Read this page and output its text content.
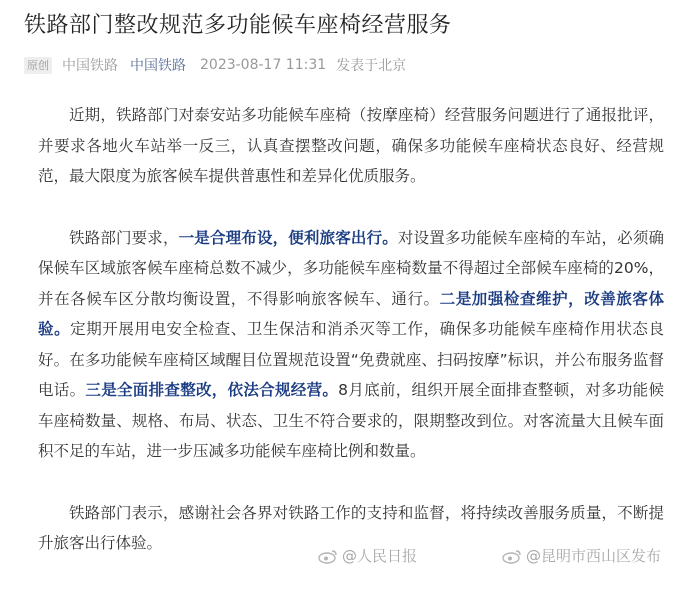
铁路部门整改规范多功能候车座椅经营服务
原创 中国铁路 中国铁路 2023-08-17 11:31 发表于北京

近期，铁路部门对泰安站多功能候车座椅（按摩座椅）经营服务问题进行了通报批评，并要求各地火车站举一反三，认真查摆整改问题，确保多功能候车座椅状态良好、经营规范，最大限度为旅客候车提供普惠性和差异化优质服务。

铁路部门要求，一是合理布设，便利旅客出行。对设置多功能候车座椅的车站，必须确保候车区域旅客候车座椅总数不减少，多功能候车座椅数量不得超过全部候车座椅的20%，并在各候车区分散均衡设置，不得影响旅客候车、通行。二是加强检查维护，改善旅客体验。定期开展用电安全检查、卫生保洁和消杀灭等工作，确保多功能候车座椅作用状态良好。在多功能候车座椅区域醒目位置规范设置“免费就座、扫码按摩”标识，并公布服务监督电话。三是全面排查整改，依法合规经营。8月底前，组织开展全面排查整顿，对多功能候车座椅数量、规格、布局、状态、卫生不符合要求的，限期整改到位。对客流量大且候车面积不足的车站，进一步压减多功能候车座椅比例和数量。

铁路部门表示，感谢社会各界对铁路工作的支持和监督，将持续改善服务质量，不断提升旅客出行体验。

@人民日报	@昆明市西山区发布
